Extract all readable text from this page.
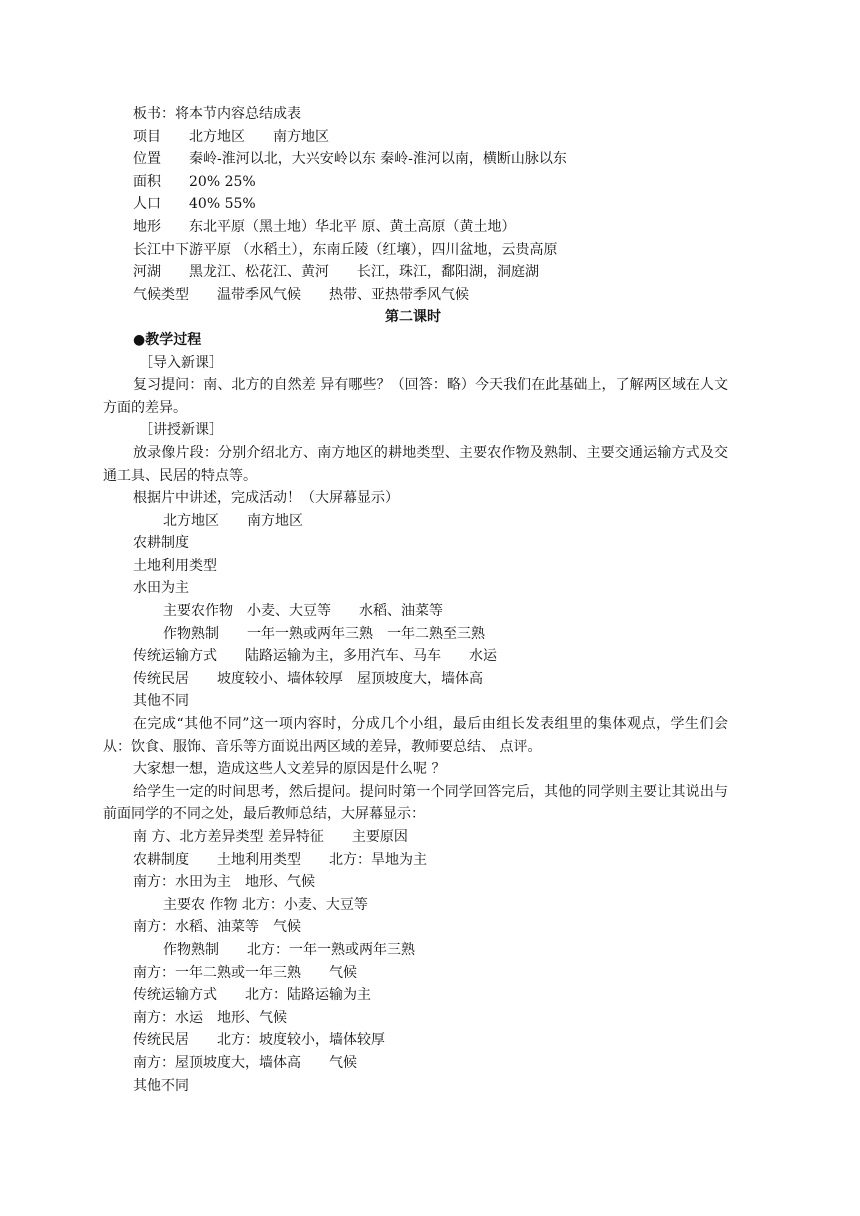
板书：将本节内容总结成表

项目　　北方地区　　南方地区

位置　　秦岭-淮河以北，大兴安岭以东 秦岭-淮河以南，横断山脉以东

面积　　20% 25%

人口　　40% 55%

地形　　东北平原（黑土地）华北平 原、黄土高原（黄土地）

长江中下游平原 （水稻土），东南丘陵（红壤），四川盆地，云贵高原

河湖　　黑龙江、松花江、黄河　　长江，珠江，鄱阳湖，洞庭湖

气候类型　　温带季风气候　　热带、亚热带季风气候

第二课时

●教学过程

［导入新课］

复习提问：南、北方的自然差 异有哪些？（回答：略）今天我们在此基础上，了解两区域在人文方面的差异。

［讲授新课］

放录像片段：分别介绍北方、南方地区的耕地类型、主要农作物及熟制、主要交通运输方式及交通工具、民居的特点等。

根据片中讲述，完成活动！（大屏幕显示）

北方地区　　南方地区

农耕制度

土地利用类型

水田为主

主要农作物　小麦、大豆等　　水稻、油菜等

作物熟制　　一年一熟或两年三熟　一年二熟至三熟

传统运输方式　　陆路运输为主，多用汽车、马车　　水运

传统民居　　坡度较小、墙体较厚　屋顶坡度大，墙体高

其他不同

在完成“其他不同”这一项内容时，分成几个小组，最后由组长发表组里的集体观点，学生们会从：饮食、服饰、音乐等方面说出两区域的差异，教师要总结、 点评。

大家想一想，造成这些人文差异的原因是什么呢 ？

给学生一定的时间思考，然后提问。提问时第一个同学回答完后，其他的同学则主要让其说出与前面同学的不同之处，最后教师总结，大屏幕显示：

南 方、北方差异类型 差异特征　　主要原因

农耕制度　　土地利用类型　　北方：旱地为主

南方：水田为主　地形、气候

主要农 作物 北方：小麦、大豆等

南方：水稻、油菜等　气候

作物熟制　　北方：一年一熟或两年三熟

南方：一年二熟或一年三熟　　气候

传统运输方式　　北方：陆路运输为主

南方：水运　地形、气候

传统民居　　北方：坡度较小，墙体较厚

南方：屋顶坡度大，墙体高　　气候

其他不同
